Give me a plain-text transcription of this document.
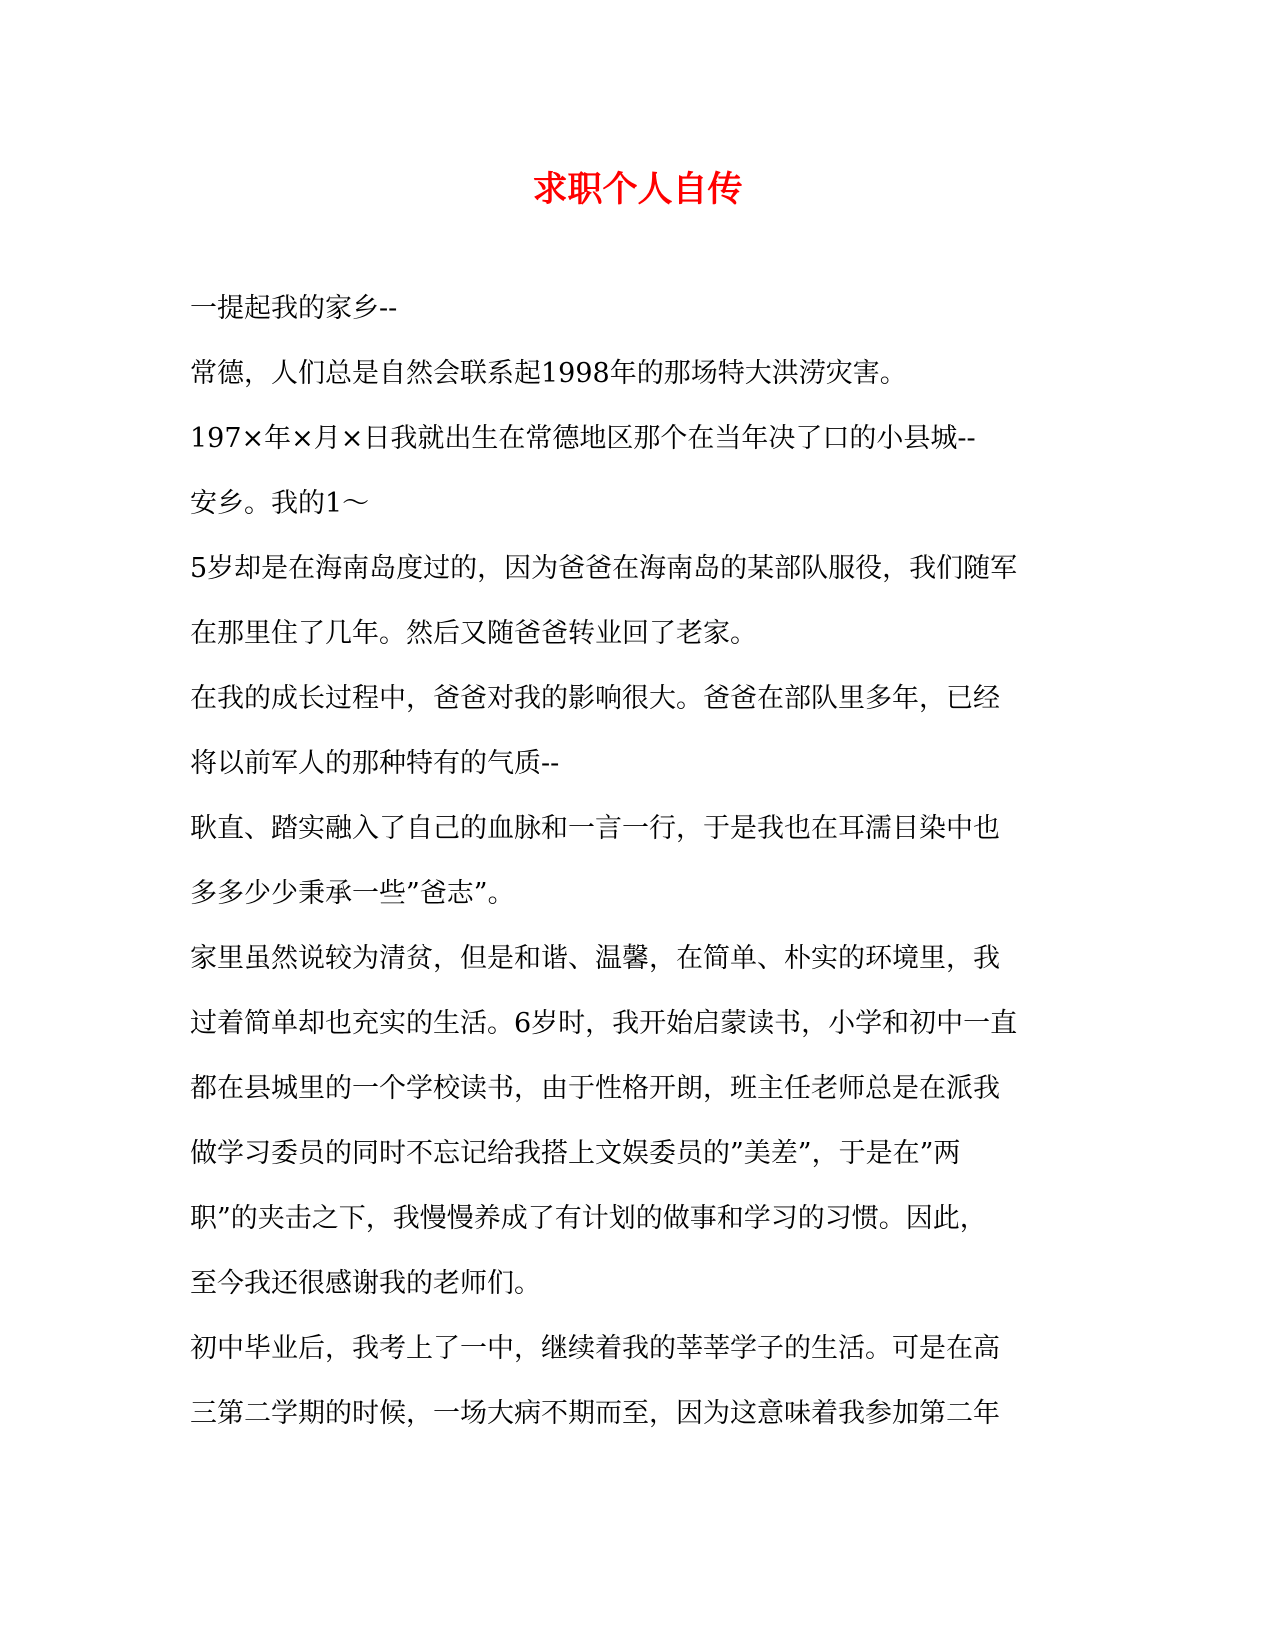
求职个人自传
一提起我的家乡--
常德，人们总是自然会联系起1998年的那场特大洪涝灾害。
197×年×月×日我就出生在常德地区那个在当年决了口的小县城--
安乡。我的1～
5岁却是在海南岛度过的，因为爸爸在海南岛的某部队服役，我们随军
在那里住了几年。然后又随爸爸转业回了老家。
在我的成长过程中，爸爸对我的影响很大。爸爸在部队里多年，已经
将以前军人的那种特有的气质--
耿直、踏实融入了自己的血脉和一言一行，于是我也在耳濡目染中也
多多少少秉承一些”爸志”。
家里虽然说较为清贫，但是和谐、温馨，在简单、朴实的环境里，我
过着简单却也充实的生活。6岁时，我开始启蒙读书，小学和初中一直
都在县城里的一个学校读书，由于性格开朗，班主任老师总是在派我
做学习委员的同时不忘记给我搭上文娱委员的”美差”，于是在”两
职”的夹击之下，我慢慢养成了有计划的做事和学习的习惯。因此，
至今我还很感谢我的老师们。
初中毕业后，我考上了一中，继续着我的莘莘学子的生活。可是在高
三第二学期的时候，一场大病不期而至，因为这意味着我参加第二年
